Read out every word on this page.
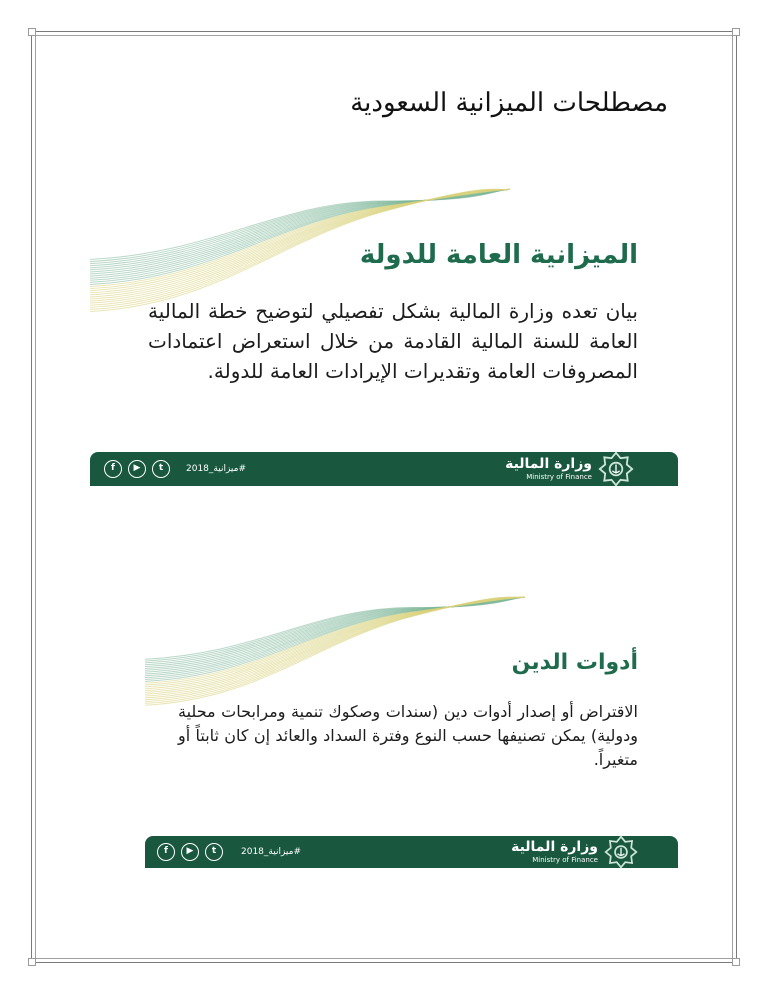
مصطلحات الميزانية السعودية
الميزانية العامة للدولة
بيان تعده وزارة المالية بشكل تفصيلي لتوضيح خطة المالية العامة للسنة المالية القادمة من خلال استعراض اعتمادات المصروفات العامة وتقديرات الإيرادات العامة للدولة.
f	▶	t	#ميزانية_2018	وزارة المالية
Ministry of Finance
أدوات الدين
الاقتراض أو إصدار أدوات دين (سندات وصكوك تنمية ومرابحات محلية ودولية) يمكن تصنيفها حسب النوع وفترة السداد والعائد إن كان ثابتاً أو متغيراً.
f	▶	t	#ميزانية_2018	وزارة المالية
Ministry of Finance
